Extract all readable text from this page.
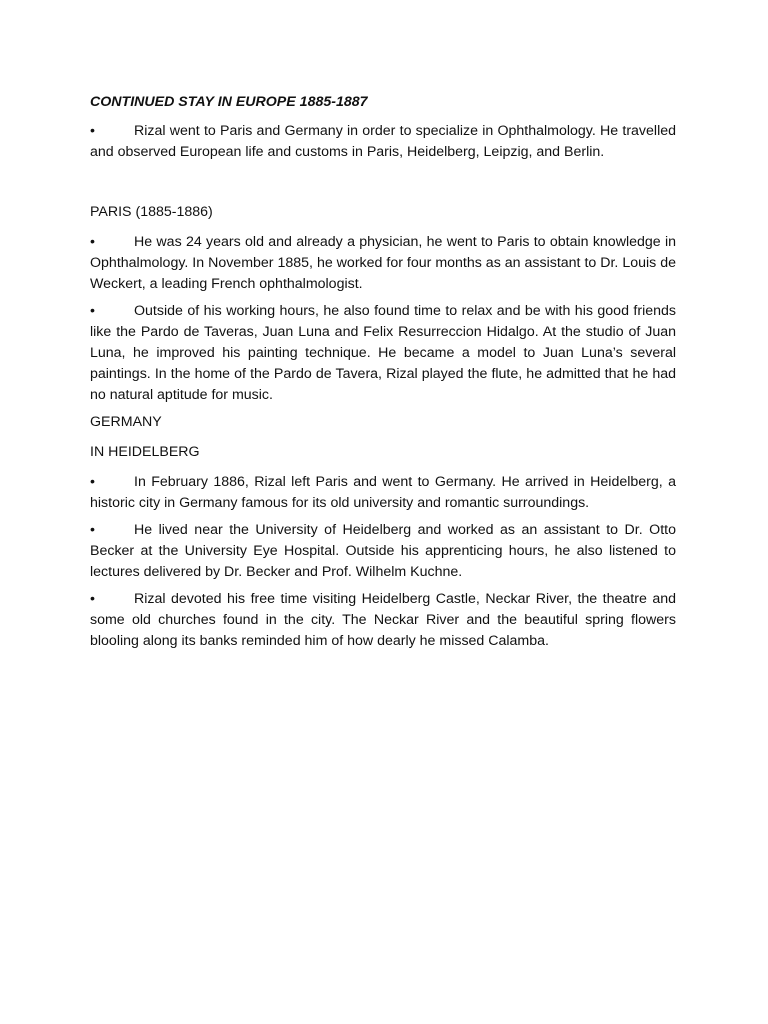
CONTINUED STAY IN EUROPE 1885-1887

•	Rizal went to Paris and Germany in order to specialize in Ophthalmology. He travelled and observed European life and customs in Paris, Heidelberg, Leipzig, and Berlin.

PARIS (1885-1886)

•	He was 24 years old and already a physician, he went to Paris to obtain knowledge in Ophthalmology. In November 1885, he worked for four months as an assistant to Dr. Louis de Weckert, a leading French ophthalmologist.

•	Outside of his working hours, he also found time to relax and be with his good friends like the Pardo de Taveras, Juan Luna and Felix Resurreccion Hidalgo. At the studio of Juan Luna, he improved his painting technique. He became a model to Juan Luna’s several paintings. In the home of the Pardo de Tavera, Rizal played the flute, he admitted that he had no natural aptitude for music.

GERMANY

IN HEIDELBERG

•	In February 1886, Rizal left Paris and went to Germany. He arrived in Heidelberg, a historic city in Germany famous for its old university and romantic surroundings.

•	He lived near the University of Heidelberg and worked as an assistant to Dr. Otto Becker at the University Eye Hospital. Outside his apprenticing hours, he also listened to lectures delivered by Dr. Becker and Prof. Wilhelm Kuchne.

•	Rizal devoted his free time visiting Heidelberg Castle, Neckar River, the theatre and some old churches found in the city. The Neckar River and the beautiful spring flowers blooling along its banks reminded him of how dearly he missed Calamba.
